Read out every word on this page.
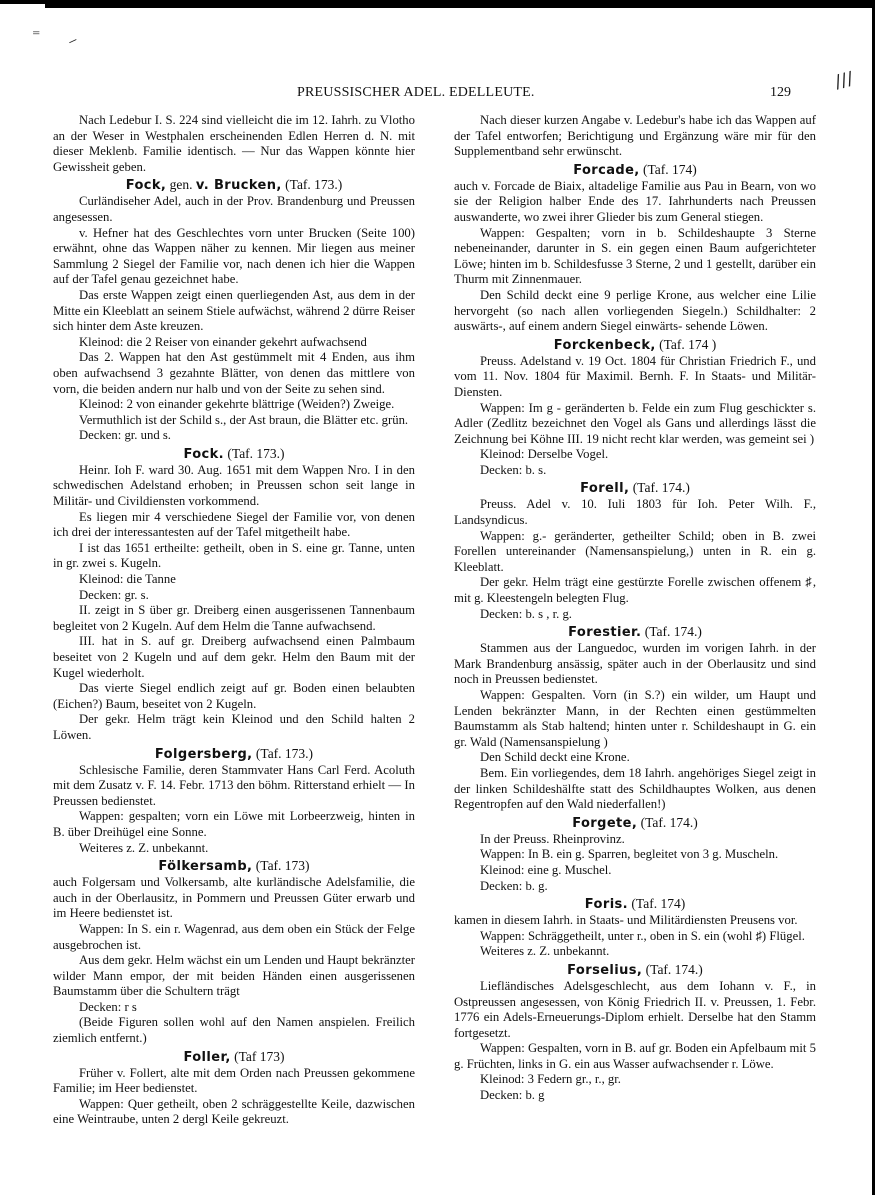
⁼ ⸝
///
PREUSSISCHER ADEL. EDELLEUTE.	129

Nach Ledebur I. S. 224 sind vielleicht die im 12. Iahrh. zu Vlotho an der Weser in Westphalen erscheinenden Edlen Herren d. N. mit dieser Meklenb. Familie identisch. — Nur das Wappen könnte hier Gewissheit geben.

Fock, gen. v. Brucken, (Taf. 173.)

Curländiseher Adel, auch in der Prov. Brandenburg und Preussen angesessen.

v. Hefner hat des Geschlechtes vorn unter Brucken (Seite 100) erwähnt, ohne das Wappen näher zu kennen. Mir liegen aus meiner Sammlung 2 Siegel der Familie vor, nach denen ich hier die Wappen auf der Tafel genau gezeichnet habe.

Das erste Wappen zeigt einen querliegenden Ast, aus dem in der Mitte ein Kleeblatt an seinem Stiele aufwächst, während 2 dürre Reiser sich hinter dem Aste kreuzen.

Kleinod: die 2 Reiser von einander gekehrt aufwachsend

Das 2. Wappen hat den Ast gestümmelt mit 4 Enden, aus ihm oben aufwachsend 3 gezahnte Blätter, von denen das mittlere von vorn, die beiden andern nur halb und von der Seite zu sehen sind.

Kleinod: 2 von einander gekehrte blättrige (Weiden?) Zweige.

Vermuthlich ist der Schild s., der Ast braun, die Blätter etc. grün.

Decken: gr. und s.

Fock. (Taf. 173.)

Heinr. Ioh F. ward 30. Aug. 1651 mit dem Wappen Nro. I in den schwedischen Adelstand erhoben; in Preussen schon seit lange in Militär- und Civildiensten vorkommend.

Es liegen mir 4 verschiedene Siegel der Familie vor, von denen ich drei der interessantesten auf der Tafel mitgetheilt habe.

I ist das 1651 ertheilte: getheilt, oben in S. eine gr. Tanne, unten in gr. zwei s. Kugeln.

Kleinod: die Tanne

Decken: gr. s.

II. zeigt in S über gr. Dreiberg einen ausgerissenen Tannenbaum begleitet von 2 Kugeln. Auf dem Helm die Tanne aufwachsend.

III. hat in S. auf gr. Dreiberg aufwachsend einen Palmbaum beseitet von 2 Kugeln und auf dem gekr. Helm den Baum mit der Kugel wiederholt.

Das vierte Siegel endlich zeigt auf gr. Boden einen belaubten (Eichen?) Baum, beseitet von 2 Kugeln.

Der gekr. Helm trägt kein Kleinod und den Schild halten 2 Löwen.

Folgersberg, (Taf. 173.)

Schlesische Familie, deren Stammvater Hans Carl Ferd. Acoluth mit dem Zusatz v. F. 14. Febr. 1713 den böhm. Ritterstand erhielt — In Preussen bedienstet.

Wappen: gespalten; vorn ein Löwe mit Lorbeerzweig, hinten in B. über Dreihügel eine Sonne.

Weiteres z. Z. unbekannt.

Fölkersamb, (Taf. 173)

auch Folgersam und Volkersamb, alte kurländische Adelsfamilie, die auch in der Oberlausitz, in Pommern und Preussen Güter erwarb und im Heere bedienstet ist.

Wappen: In S. ein r. Wagenrad, aus dem oben ein Stück der Felge ausgebrochen ist.

Aus dem gekr. Helm wächst ein um Lenden und Haupt bekränzter wilder Mann empor, der mit beiden Händen einen ausgerissenen Baumstamm über die Schultern trägt

Decken: r s

(Beide Figuren sollen wohl auf den Namen anspielen. Freilich ziemlich entfernt.)

Foller, (Taf 173)

Früher v. Follert, alte mit dem Orden nach Preussen gekommene Familie; im Heer bedienstet.

Wappen: Quer getheilt, oben 2 schräggestellte Keile, dazwischen eine Weintraube, unten 2 dergl Keile gekreuzt.

Nach dieser kurzen Angabe v. Ledebur's habe ich das Wappen auf der Tafel entworfen; Berichtigung und Ergänzung wäre mir für den Supplementband sehr erwünscht.

Forcade, (Taf. 174)

auch v. Forcade de Biaix, altadelige Familie aus Pau in Bearn, von wo sie der Religion halber Ende des 17. Iahrhunderts nach Preussen auswanderte, wo zwei ihrer Glieder bis zum General stiegen.

Wappen: Gespalten; vorn in b. Schildeshaupte 3 Sterne nebeneinander, darunter in S. ein gegen einen Baum aufgerichteter Löwe; hinten im b. Schildesfusse 3 Sterne, 2 und 1 gestellt, darüber ein Thurm mit Zinnenmauer.

Den Schild deckt eine 9 perlige Krone, aus welcher eine Lilie hervorgeht (so nach allen vorliegenden Siegeln.) Schildhalter: 2 auswärts-, auf einem andern Siegel einwärts- sehende Löwen.

Forckenbeck, (Taf. 174 )

Preuss. Adelstand v. 19 Oct. 1804 für Christian Friedrich F., und vom 11. Nov. 1804 für Maximil. Bernh. F. In Staats- und Militär-Diensten.

Wappen: Im g - geränderten b. Felde ein zum Flug geschickter s. Adler (Zedlitz bezeichnet den Vogel als Gans und allerdings lässt die Zeichnung bei Köhne III. 19 nicht recht klar werden, was gemeint sei )

Kleinod: Derselbe Vogel.

Decken: b. s.

Forell, (Taf. 174.)

Preuss. Adel v. 10. Iuli 1803 für Ioh. Peter Wilh. F., Landsyndicus.

Wappen: g.- geränderter, getheilter Schild; oben in B. zwei Forellen untereinander (Namensanspielung,) unten in R. ein g. Kleeblatt.

Der gekr. Helm trägt eine gestürzte Forelle zwischen offenem ♯, mit g. Kleestengeln belegten Flug.

Decken: b. s , r. g.

Forestier. (Taf. 174.)

Stammen aus der Languedoc, wurden im vorigen Iahrh. in der Mark Brandenburg ansässig, später auch in der Oberlausitz und sind noch in Preussen bedienstet.

Wappen: Gespalten. Vorn (in S.?) ein wilder, um Haupt und Lenden bekränzter Mann, in der Rechten einen gestümmelten Baumstamm als Stab haltend; hinten unter r. Schildeshaupt in G. ein gr. Wald (Namensanspielung )

Den Schild deckt eine Krone.

Bem. Ein vorliegendes, dem 18 Iahrh. angehöriges Siegel zeigt in der linken Schildeshälfte statt des Schildhauptes Wolken, aus denen Regentropfen auf den Wald niederfallen!)

Forgete, (Taf. 174.)

In der Preuss. Rheinprovinz.

Wappen: In B. ein g. Sparren, begleitet von 3 g. Muscheln.

Kleinod: eine g. Muschel.

Decken: b. g.

Foris. (Taf. 174)

kamen in diesem Iahrh. in Staats- und Militärdiensten Preusens vor.

Wappen: Schräggetheilt, unter r., oben in S. ein (wohl ♯) Flügel.

Weiteres z. Z. unbekannt.

Forselius, (Taf. 174.)

Liefländisches Adelsgeschlecht, aus dem Iohann v. F., in Ostpreussen angesessen, von König Friedrich II. v. Preussen, 1. Febr. 1776 ein Adels-Erneuerungs-Diplom erhielt. Derselbe hat den Stamm fortgesetzt.

Wappen: Gespalten, vorn in B. auf gr. Boden ein Apfelbaum mit 5 g. Früchten, links in G. ein aus Wasser aufwachsender r. Löwe.

Kleinod: 3 Federn gr., r., gr.

Decken: b. g
